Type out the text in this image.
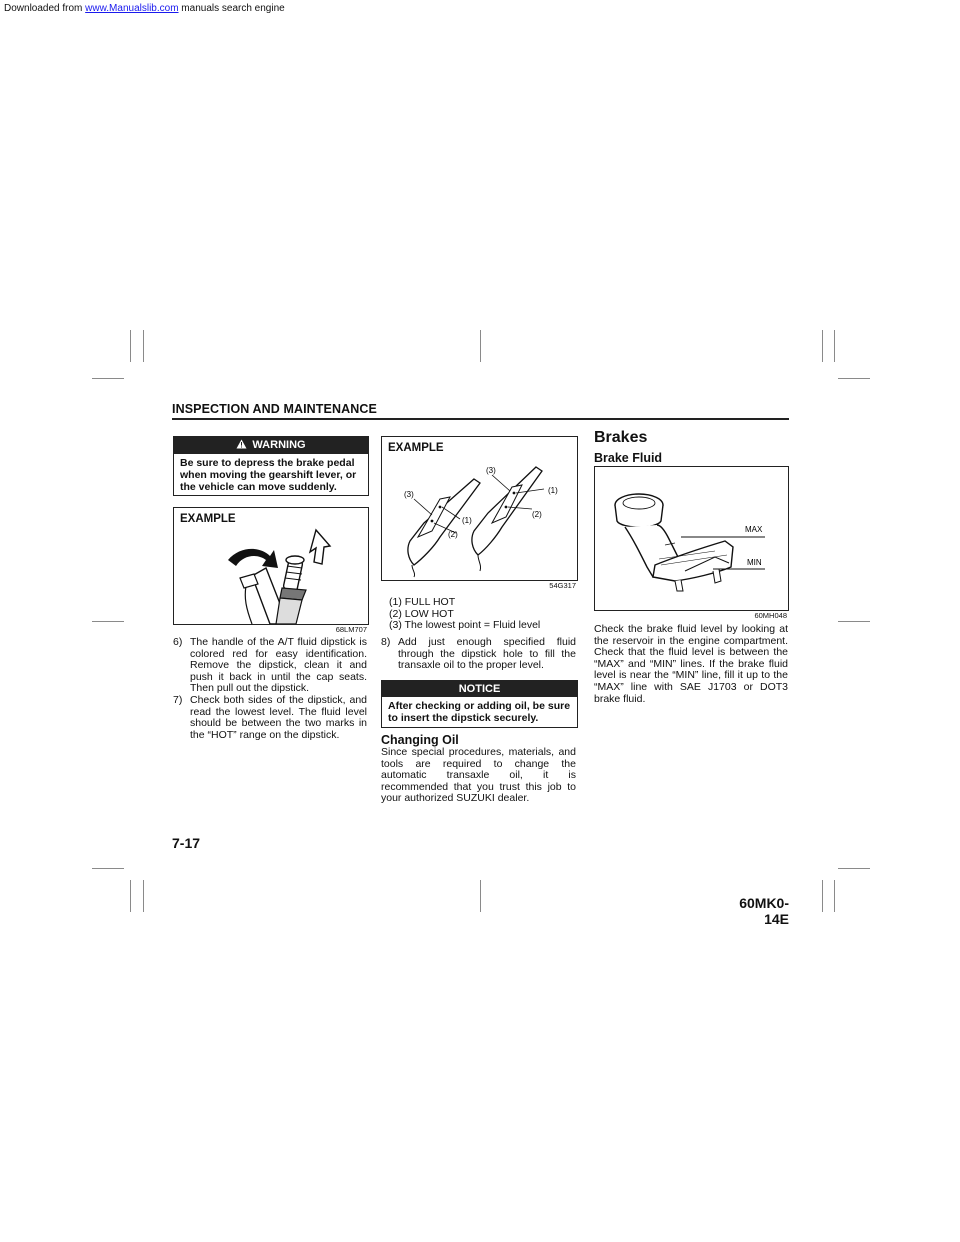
Downloaded from www.Manualslib.com manuals search engine
INSPECTION AND MAINTENANCE
WARNING
Be sure to depress the brake pedal when moving the gearshift lever, or the vehicle can move suddenly.
EXAMPLE
68LM707
6) The handle of the A/T fluid dipstick is colored red for easy identification. Remove the dipstick, clean it and push it back in until the cap seats. Then pull out the dipstick.
7) Check both sides of the dipstick, and read the lowest level. The fluid level should be between the two marks in the “HOT” range on the dipstick.
EXAMPLE
(3)
(1)
(2)
(3)
(1)
(2)
54G317
(1) FULL HOT
(2) LOW HOT
(3) The lowest point = Fluid level
8) Add just enough specified fluid through the dipstick hole to fill the transaxle oil to the proper level.
NOTICE
After checking or adding oil, be sure to insert the dipstick securely.
Changing Oil
Since special procedures, materials, and tools are required to change the automatic transaxle oil, it is recommended that you trust this job to your authorized SUZUKI dealer.
Brakes
Brake Fluid
MAX
MIN
60MH048
Check the brake fluid level by looking at the reservoir in the engine compartment. Check that the fluid level is between the “MAX” and “MIN” lines. If the brake fluid level is near the “MIN” line, fill it up to the “MAX” line with SAE J1703 or DOT3 brake fluid.
7-17
60MK0-14E
